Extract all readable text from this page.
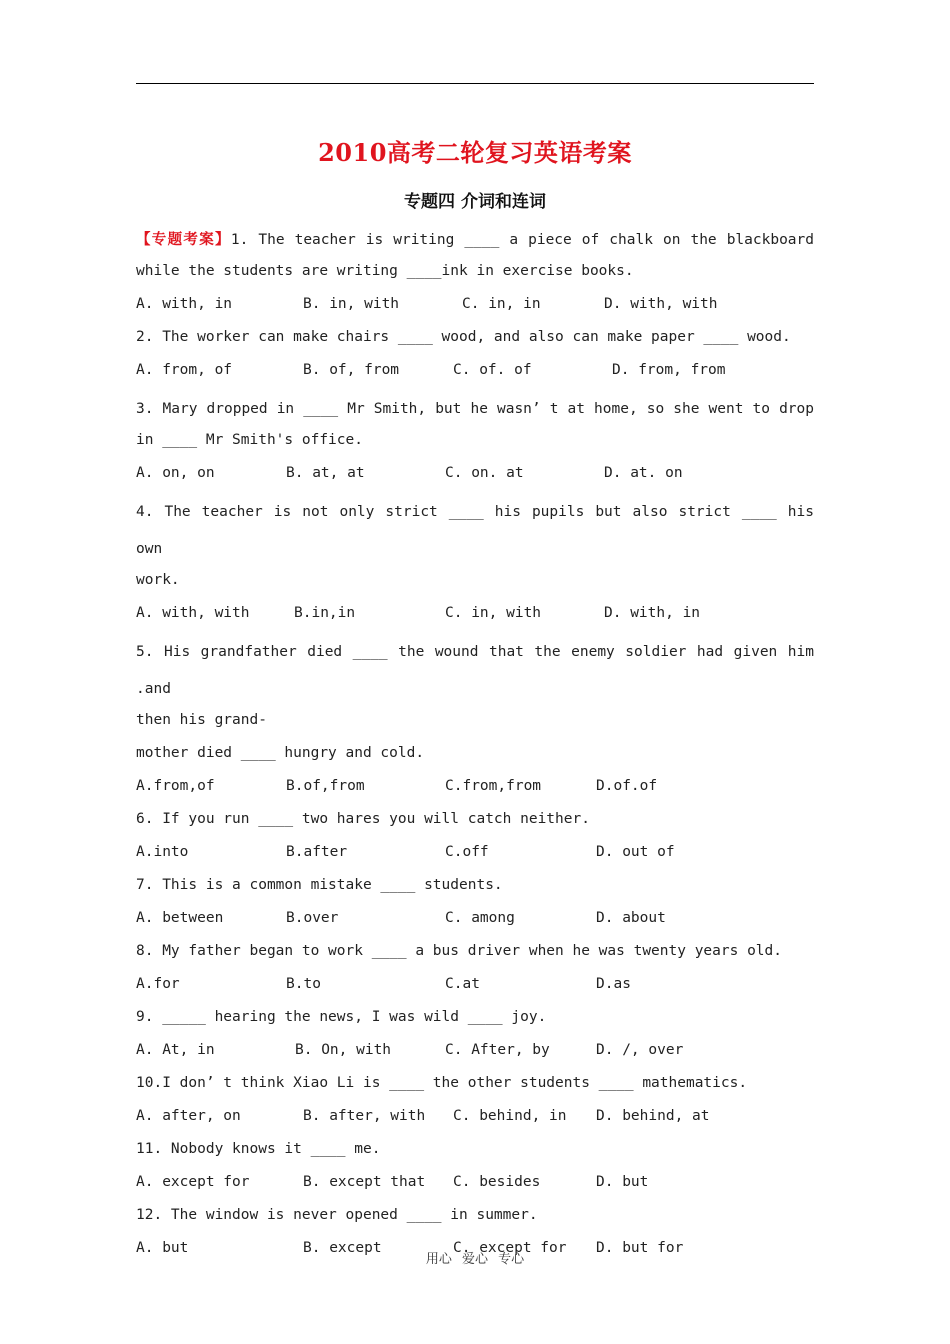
2010高考二轮复习英语考案
专题四 介词和连词
【专题考案】1. The teacher is writing ____ a piece of chalk on the blackboard
while the students are writing ____ink in exercise books.
A. with, in	B. in, with	C. in, in	D. with, with
2. The worker can make chairs ____ wood, and also can make paper ____ wood.
A. from, of	B. of, from	C. of. of	D. from, from
3. Mary dropped in ____ Mr Smith, but he wasn’ t at home, so she went to drop
in ____ Mr Smith's office.
A. on, on	B. at, at	C. on. at	D. at. on
4. The teacher is not only strict ____ his pupils but also strict ____ his own
work.
A. with, with	B.in,in	C. in, with	D. with, in
5. His grandfather died ____ the wound that the enemy soldier had given him .and
then his grand-
mother died ____ hungry and cold.
A.from,of	B.of,from	C.from,from	D.of.of
6. If you run ____ two hares you will catch neither.
A.into	B.after	C.off	D. out of
7. This is a common mistake ____ students.
A. between	B.over	C. among	D. about
8. My father began to work ____ a bus driver when he was twenty years old.
A.for	B.to	C.at	D.as
9. _____ hearing the news, I was wild ____ joy.
A. At, in	B. On, with	C. After, by	D. /, over
10.I don’ t think Xiao Li is ____ the other students ____ mathematics.
A. after, on	B. after, with	C. behind, in	D. behind, at
11. Nobody knows it ____ me.
A. except for	B. except that	C. besides	D. but
12. The window is never opened ____ in summer.
A. but	B. except	C. except for	D. but for
用心 爱心 专心
